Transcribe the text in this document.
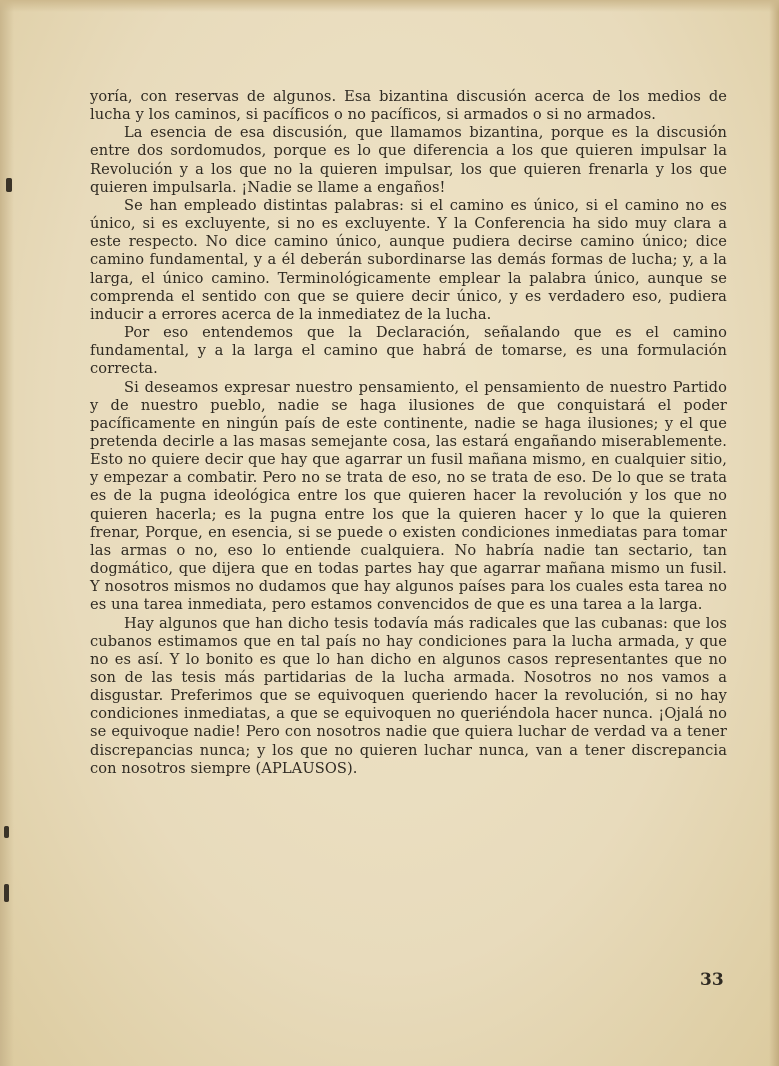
yoría, con reservas de algunos. Esa bizantina discusión acerca de los medios de lucha y los caminos, si pacíficos o no pacíficos, si armados o si no armados.

La esencia de esa discusión, que llamamos bizantina, porque es la discusión entre dos sordomudos, porque es lo que diferencia a los que quieren impulsar la Revolución y a los que no la quieren impulsar, los que quieren frenarla y los que quieren impulsarla. ¡Nadie se llame a engaños!

Se han empleado distintas palabras: si el camino es único, si el camino no es único, si es excluyente, si no es excluyente. Y la Conferencia ha sido muy clara a este respecto. No dice camino único, aunque pudiera decirse camino único; dice camino fundamental, y a él deberán subordinarse las demás formas de lucha; y, a la larga, el único camino. Terminológicamente emplear la palabra único, aunque se comprenda el sentido con que se quiere decir único, y es verdadero eso, pudiera inducir a errores acerca de la inmediatez de la lucha.

Por eso entendemos que la Declaración, señalando que es el camino fundamental, y a la larga el camino que habrá de tomarse, es una formulación correcta.

Si deseamos expresar nuestro pensamiento, el pensamiento de nuestro Partido y de nuestro pueblo, nadie se haga ilusiones de que conquistará el poder pacíficamente en ningún país de este continente, nadie se haga ilusiones; y el que pretenda decirle a las masas semejante cosa, las estará engañando miserablemente. Esto no quiere decir que hay que agarrar un fusil mañana mismo, en cualquier sitio, y empezar a combatir. Pero no se trata de eso, no se trata de eso. De lo que se trata es de la pugna ideológica entre los que quieren hacer la revolución y los que no quieren hacerla; es la pugna entre los que la quieren hacer y lo que la quieren frenar, Porque, en esencia, si se puede o existen condiciones inmediatas para tomar las armas o no, eso lo entiende cualquiera. No habría nadie tan sectario, tan dogmático, que dijera que en todas partes hay que agarrar mañana mismo un fusil. Y nosotros mismos no dudamos que hay algunos países para los cuales esta tarea no es una tarea inmediata, pero estamos convencidos de que es una tarea a la larga.

Hay algunos que han dicho tesis todavía más radicales que las cubanas: que los cubanos estimamos que en tal país no hay condiciones para la lucha armada, y que no es así. Y lo bonito es que lo han dicho en algunos casos representantes que no son de las tesis más partidarias de la lucha armada. Nosotros no nos vamos a disgustar. Preferimos que se equivoquen queriendo hacer la revolución, si no hay condiciones inmediatas, a que se equivoquen no queriéndola hacer nunca. ¡Ojalá no se equivoque nadie! Pero con nosotros nadie que quiera luchar de verdad va a tener discrepancias nunca; y los que no quieren luchar nunca, van a tener discrepancia con nosotros siempre (APLAUSOS).

33
